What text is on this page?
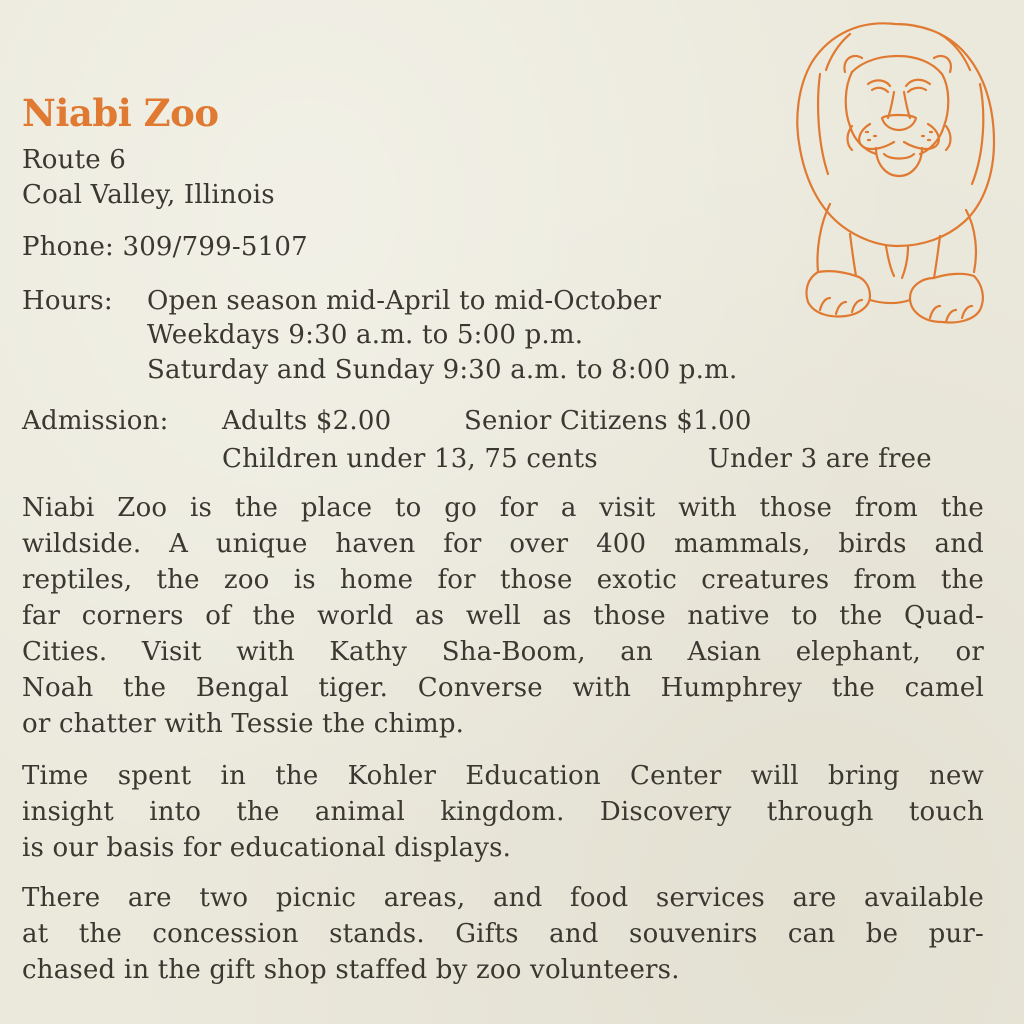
Niabi Zoo
Route 6
Coal Valley, Illinois
Phone: 309/799-5107
Hours: Open season mid-April to mid-October
Weekdays 9:30 a.m. to 5:00 p.m.
Saturday and Sunday 9:30 a.m. to 8:00 p.m.
Admission: Adults $2.00	Senior Citizens $1.00
Children under 13, 75 cents	Under 3 are free
Niabi Zoo is the place to go for a visit with those from the
wildside. A unique haven for over 400 mammals, birds and
reptiles, the zoo is home for those exotic creatures from the
far corners of the world as well as those native to the Quad-
Cities. Visit with Kathy Sha-Boom, an Asian elephant, or
Noah the Bengal tiger. Converse with Humphrey the camel
or chatter with Tessie the chimp.
Time spent in the Kohler Education Center will bring new
insight into the animal kingdom. Discovery through touch
is our basis for educational displays.
There are two picnic areas, and food services are available
at the concession stands. Gifts and souvenirs can be pur-
chased in the gift shop staffed by zoo volunteers.
